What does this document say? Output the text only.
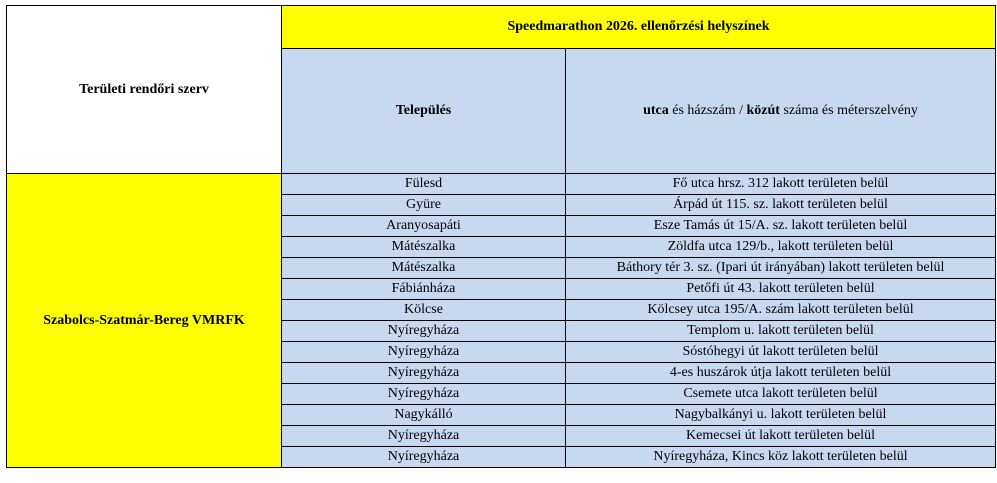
Területi rendőri szerv	Speedmarathon 2026. ellenőrzési helyszínek	
	Település	utca és házszám / közút száma és méterszelvény
Szabolcs-Szatmár-Bereg VMRFK	Fülesd	Fő utca hrsz. 312 lakott területen belül
	Gyüre	Árpád út 115. sz. lakott területen belül
	Aranyosapáti	Esze Tamás út 15/A. sz. lakott területen belül
	Mátészalka	Zöldfa utca 129/b., lakott területen belül
	Mátészalka	Báthory tér 3. sz. (Ipari út irányában) lakott területen belül
	Fábiánháza	Petőfi út 43. lakott területen belül
	Kölcse	Kölcsey utca 195/A. szám lakott területen belül
	Nyíregyháza	Templom u. lakott területen belül
	Nyíregyháza	Sóstóhegyi út lakott területen belül
	Nyíregyháza	4-es huszárok útja lakott területen belül
	Nyíregyháza	Csemete utca lakott területen belül
	Nagykálló	Nagybalkányi u. lakott területen belül
	Nyíregyháza	Kemecsei út lakott területen belül
	Nyíregyháza	Nyíregyháza, Kincs köz lakott területen belül
